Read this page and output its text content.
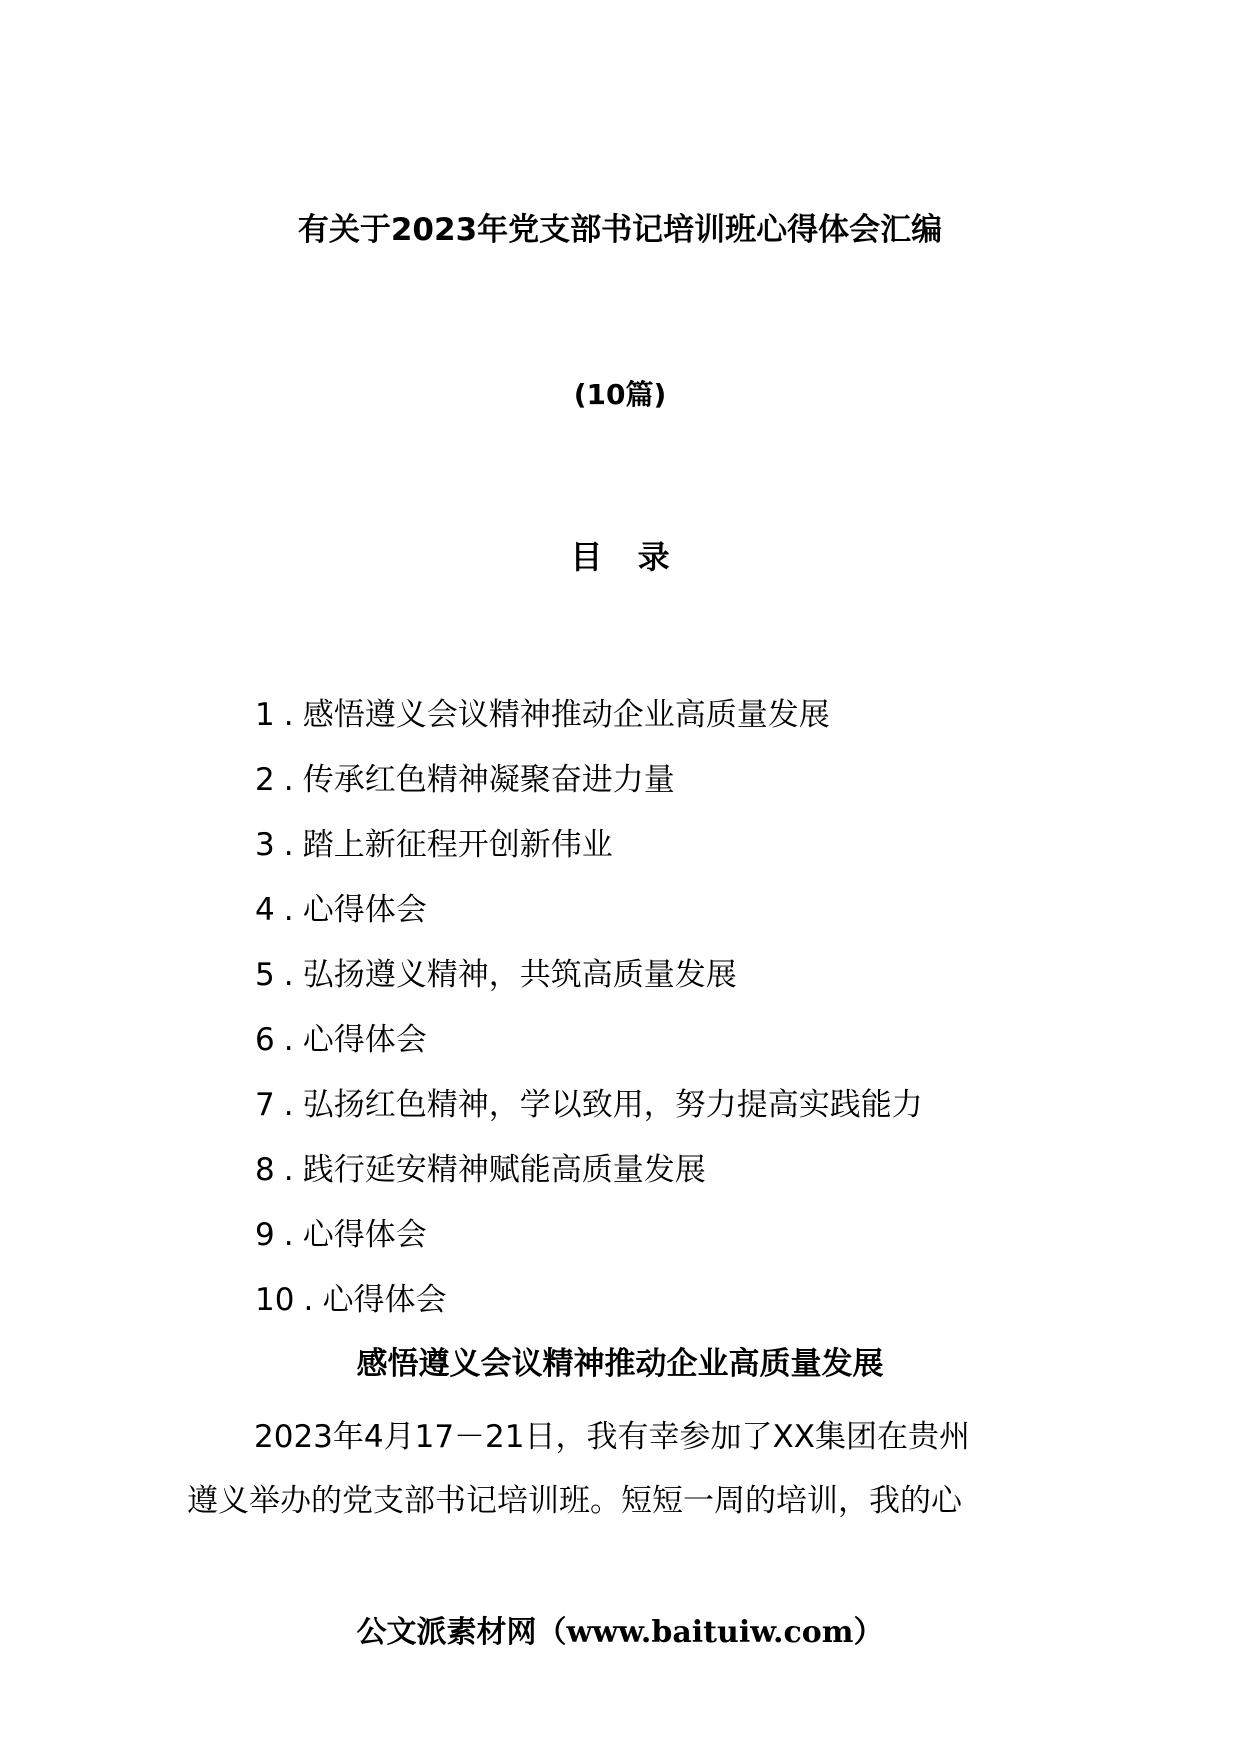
有关于2023年党支部书记培训班心得体会汇编
(10篇)
目 录
1 . 感悟遵义会议精神推动企业高质量发展
2 . 传承红色精神凝聚奋进力量
3 . 踏上新征程开创新伟业
4 . 心得体会
5 . 弘扬遵义精神，共筑高质量发展
6 . 心得体会
7 . 弘扬红色精神，学以致用，努力提高实践能力
8 . 践行延安精神赋能高质量发展
9 . 心得体会
10 . 心得体会
感悟遵义会议精神推动企业高质量发展
2023年4月17－21日，我有幸参加了XX集团在贵州
遵义举办的党支部书记培训班。短短一周的培训，我的心
公文派素材网（www.baituiw.com）
